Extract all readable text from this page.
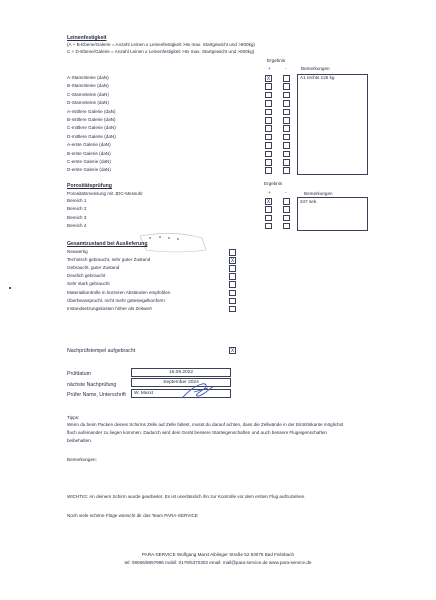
Leinenfestigkeit
(A + B-Ebene/Galerie = Anzahl Leinen x Leinenfestigkeit >8x max. Startgewicht und >800kg)
C + D-Ebene/Galerie = Anzahl Leinen x Leinenfestigkeit >6x max. Startgewicht und >600kg)
Ergebnis
+	-	Bemerkungen
A-Stammleine (daN)	X
B-Stammleine (daN)
C-Stammleine (daN)
D-Stammleine (daN)
A-mittlere Galerie (daN)
B-mittlere Galerie (daN)
C-mittlere Galerie (daN)
D-mittlere Galerie (daN)
A-erste Galerie (daN)
B-erste Galerie (daN)
C-erste Galerie (daN)
D-erste Galerie (daN)
A1 rechts 126 kg
Porositätsprüfung
Porositätsmessung mit JDC-Messuhr
Ergebnis
+	-	Bemerkungen
Bereich 1	X
Bereich 2
Bereich 3
Bereich 4
347 sek.
Gesamtzustand bei Auslieferung
Neuwertig
Technisch gebraucht, sehr guter Zustand	X
Gebraucht, guter Zustand
Deutlich gebraucht
Sehr stark gebraucht
Materialkontrolle in kürzeren Abständen empfohlen
Überbeanspruchl, nicht mehr gütesiegelkonform
Instandsetzungskosten höher als Zeitwert
Nachprüfstempel aufgebracht	X
Prüfdatum	16.09.2022
nächste Nachprüfung	September 2024
Prüfer Name, Unterschrift	W. Marxt
Tipps:
Wenn du beim Packen deines Schirms Zelle auf Zelle faltest, musst du darauf achten, dass die Zellwände in der Eintrittskante möglichst
flach aufeinander zu liegen kommen. Dadurch wird dein Gerät bessere Starteigenschaften und auch bessere Flugeigenschaften
beibehalten.
Bemerkungen:
WICHTIG: An deinem Schirm wurde gearbeitet. Es ist unerlässlich ihn zur Kontrolle vor dem ersten Flug aufzuziehen.
Noch viele schöne Flüge wünscht dir das Team PARA-SERVICE
PARA-SERVICE Wolfgang Marxt Aiblinger Straße 52 83075 Bad Feilnbach
tel: 08066/8857996 mobil: 0179/5370302 email: mail@para-service.de www.para-service.de
